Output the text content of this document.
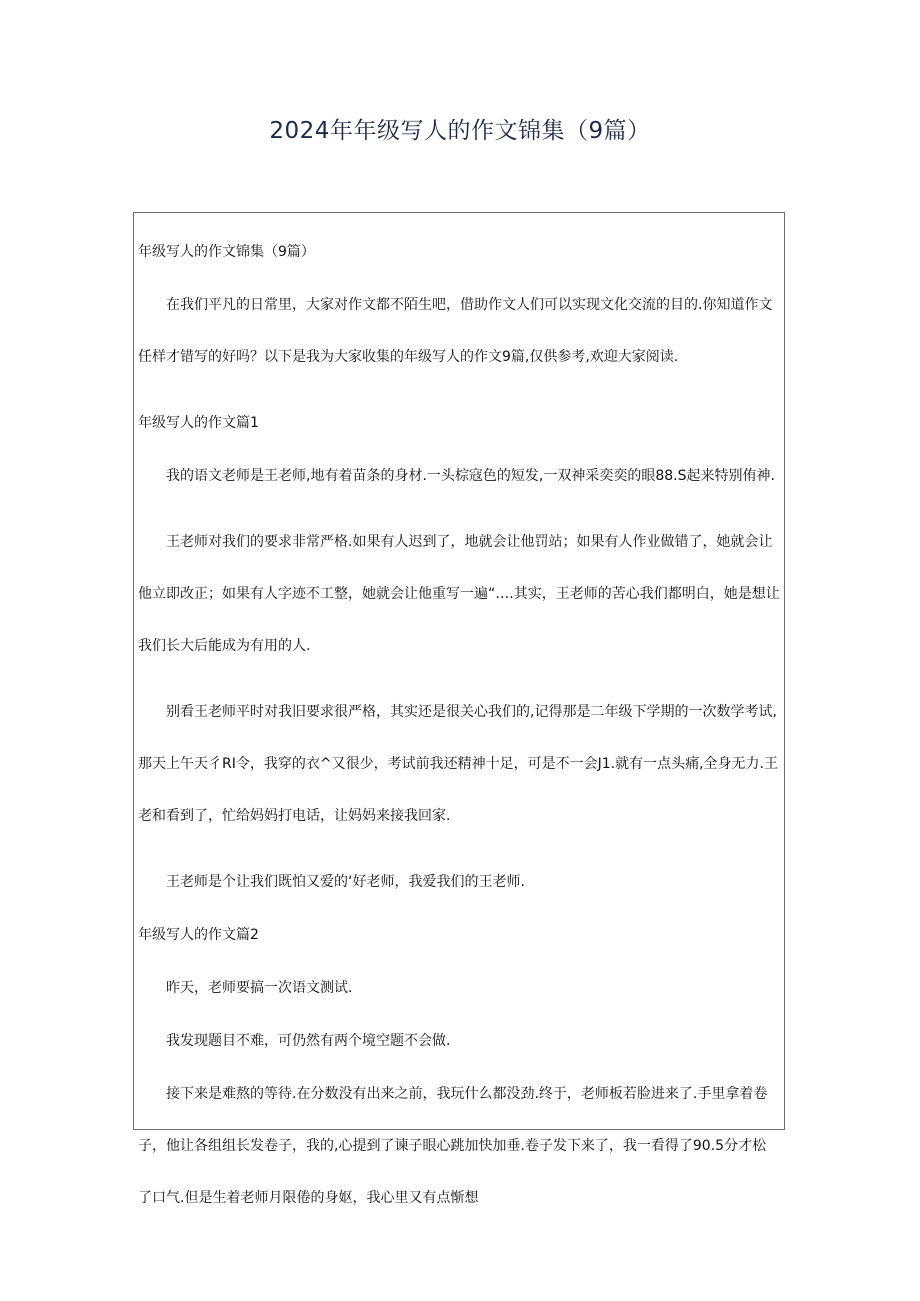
2024年年级写人的作文锦集（9篇）

年级写人的作文锦集（9篇）

在我们平凡的日常里，大家对作文都不陌生吧，借助作文人们可以实现文化交流的目的.你知道作文任样才错写的好吗？以下是我为大家收集的年级写人的作文9篇,仅供参考,欢迎大家阅读.

年级写人的作文篇1

我的语文老师是王老师,地有着苗条的身材.一头棕寇色的短发,一双神采奕奕的眼88.S起来特别侑神.

王老师对我们的要求非常严格.如果有人迟到了，地就会让他罚站；如果有人作业做错了，她就会让他立即改正；如果有人字迹不工整，她就会让他重写一遍“….其实，王老师的苦心我们都明白，她是想让我们长大后能成为有用的人.

别看王老师平时对我旧要求很严格，其实还是很关心我们的,记得那是二年级下学期的一次数学考试,那天上午天彳RI令，我穿的衣^又很少，考试前我还精神十足，可是不一会J1.就有一点头痛,全身无力.王老和看到了，忙给妈妈打电话，让妈妈来接我回家.

王老师是个让我们既怕又爱的‘好老师，我爱我们的王老师.

年级写人的作文篇2

昨天，老师要搞一次语文测试.

我发现题目不难，可仍然有两个境空题不会做.

接下来是难熬的等待.在分数没有出来之前，我玩什么都没劲.终于，老师板若脸进来了.手里拿着卷子，他让各组组长发卷子，我的,心提到了谏子眼心跳加快加垂.卷子发下来了，我一看得了90.5分才松了口气.但是生着老师月限倦的身妪，我心里又有点惭想
